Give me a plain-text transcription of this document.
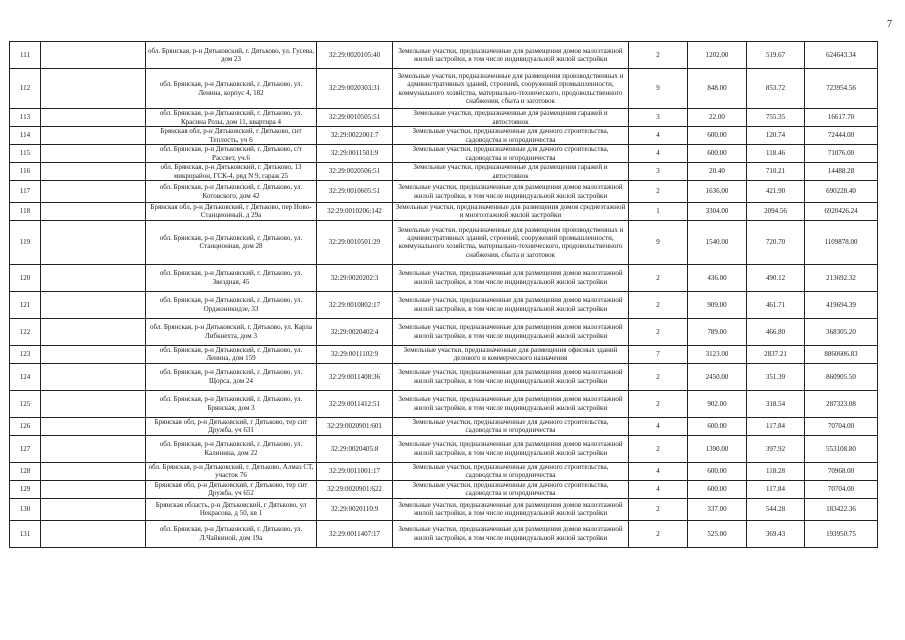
7
111		обл. Брянская, р-н Дятьковский, г. Дятьково, ул. Гусева, дом 23	32:29:0020105:40	Земельные участки, предназначенные для размещения домов малоэтажной жилой застройки, в том числе индивидуальной жилой застройки	2	1202.00	519.67	624643.34
112		обл. Брянская, р-н Дятьковский, г. Дятьково, ул. Ленина, корпус 4, 182	32:29:0020303:31	Земельные участки, предназначенные для размещения производственных и административных зданий, строений, сооружений промышленности, коммунального хозяйства, материально-технического, продовольственного снабжения, сбыта и заготовок	9	848.00	853.72	723954.56
113		обл. Брянская, р-н Дятьковский, г. Дятьково, ул. Красина Розы, дом 11, квартира 4	32:29:0010505:51	Земельные участки, предназначенные для размещения гаражей и автостоянок	3	22.00	755.35	16617.70
114		Брянская обл, р-н Дятьковский, г Дятьково, снт Теплость, уч 6	32:29:0022001:7	Земельные участки, предназначенные для дачного строительства, садоводства и огородничества	4	600.00	120.74	72444.00
115		обл. Брянская, р-н Дятьковский, г. Дятьково, с/т Рассвет, уч.6	32:29:0011501:9	Земельные участки, предназначенные для дачного строительства, садоводства и огородничества	4	600.00	118.46	71076.00
116		обл. Брянская, р-н Дятьковский, г. Дятьково, 13 микрорайон, ГСК-4, ряд N 9, гараж 25	32:29:0020506:51	Земельные участки, предназначенные для размещения гаражей и автостоянок	3	20.40	710.21	14488.28
117		обл. Брянская, р-н Дятьковский, г. Дятьково, ул. Котовского, дом 42	32:29:0010605:51	Земельные участки, предназначенные для размещения домов малоэтажной жилой застройки, в том числе индивидуальной жилой застройки	2	1636.00	421.90	690228.40
118		Брянская обл, р-н Дятьковский, г Дятьково, пер Ново-Станционный, д 29а	32:29:0010206:142	Земельные участки, предназначенные для размещения домов среднеэтажной и многоэтажной жилой застройки	1	3304.00	2094.56	6920426.24
119		обл. Брянская, р-н Дятьковский, г. Дятьково, ул. Станционная, дом 28	32:29:0010501:29	Земельные участки, предназначенные для размещения производственных и административных зданий, строений, сооружений промышленности, коммунального хозяйства, материально-технического, продовольственного снабжения, сбыта и заготовок	9	1540.00	720.70	1109878.00
120		обл. Брянская, р-н Дятьковский, г. Дятьково, ул. Звездная, 45	32:29:0020202:3	Земельные участки, предназначенные для размещения домов малоэтажной жилой застройки, в том числе индивидуальной жилой застройки	2	436.00	490.12	213692.32
121		обл. Брянская, р-н Дятьковский, г. Дятьково, ул. Орджоникидзе, 33	32:29:0010802:17	Земельные участки, предназначенные для размещения домов малоэтажной жилой застройки, в том числе индивидуальной жилой застройки	2	909.00	461.71	419694.39
122		обл. Брянская, р-н Дятьковский, г. Дятьково, ул. Карла Либкнехта, дом 3	32:29:0020402:4	Земельные участки, предназначенные для размещения домов малоэтажной жилой застройки, в том числе индивидуальной жилой застройки	2	789.00	466.80	368305.20
123		обл. Брянская, р-н Дятьковский, г. Дятьково, ул. Ленина, дом 159	32:29:0011102:9	Земельные участки, предназначенные для размещения офисных зданий делового и коммерческого назначения	7	3123.00	2837.21	8860606.83
124		обл. Брянская, р-н Дятьковский, г. Дятьково, ул. Щорса, дом 24	32:29:0011408:36	Земельные участки, предназначенные для размещения домов малоэтажной жилой застройки, в том числе индивидуальной жилой застройки	2	2450.00	351.39	860905.50
125		обл. Брянская, р-н Дятьковский, г. Дятьково, ул. Брянская, дом 3	32:29:0011412:51	Земельные участки, предназначенные для размещения домов малоэтажной жилой застройки, в том числе индивидуальной жилой застройки	2	902.00	318.54	287323.08
126		Брянская обл, р-н Дятьковский, г Дятьково, тер снт Дружба, уч 631	32:29:0020901:601	Земельные участки, предназначенные для дачного строительства, садоводства и огородничества	4	600.00	117.84	70704.00
127		обл. Брянская, р-н Дятьковский, г. Дятьково, ул. Калинина, дом 22	32:29:0020405:8	Земельные участки, предназначенные для размещения домов малоэтажной жилой застройки, в том числе индивидуальной жилой застройки	2	1390.00	397.92	553108.80
128		обл. Брянская, р-н Дятьковский, г. Дятьково, Алмаз СТ, участок 76	32:29:0011001:17	Земельные участки, предназначенные для дачного строительства, садоводства и огородничества	4	600.00	118.28	70968.00
129		Брянская обл, р-н Дятьковский, г Дятьково, тер снт Дружба, уч 652	32:29:0020901:622	Земельные участки, предназначенные для дачного строительства, садоводства и огородничества	4	600.00	117.84	70704.00
130		Брянская область, р-н Дятьковский, г Дятьково, ул Некрасова, д 50, кв 1	32:29:0020110:9	Земельные участки, предназначенные для размещения домов малоэтажной жилой застройки, в том числе индивидуальной жилой застройки	2	337.00	544.28	183422.36
131		обл. Брянская, р-н Дятьковский, г. Дятьково, ул. Л.Чайкиной, дом 19а	32:29:0011407:17	Земельные участки, предназначенные для размещения домов малоэтажной жилой застройки, в том числе индивидуальной жилой застройки	2	525.00	369.43	193950.75
